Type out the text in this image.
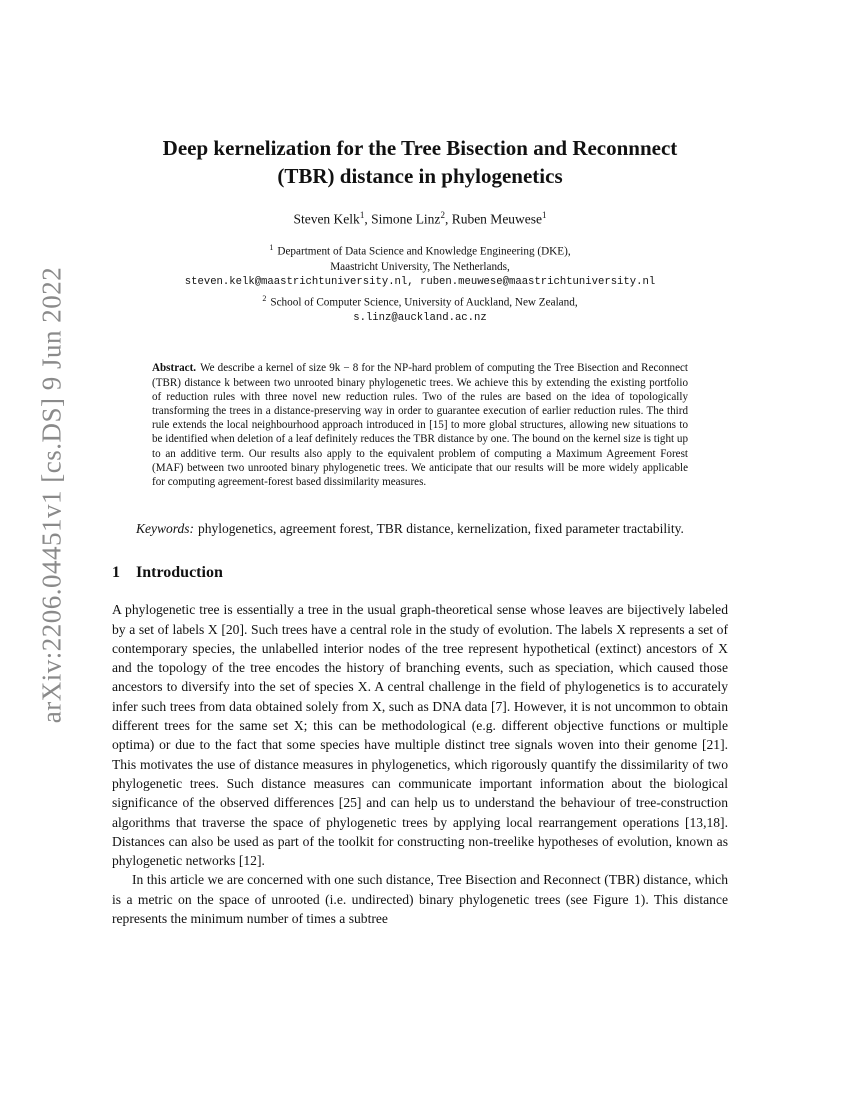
arXiv:2206.04451v1 [cs.DS] 9 Jun 2022
Deep kernelization for the Tree Bisection and Reconnnect
(TBR) distance in phylogenetics
Steven Kelk$^1$, Simone Linz$^2$, Ruben Meuwese$^1$
$^1$ Department of Data Science and Knowledge Engineering (DKE),
Maastricht University, The Netherlands,
steven.kelk@maastrichtuniversity.nl, ruben.meuwese@maastrichtuniversity.nl
$^2$ School of Computer Science, University of Auckland, New Zealand,
s.linz@auckland.ac.nz
Abstract. We describe a kernel of size 9k − 8 for the NP-hard problem of computing the Tree Bisection and Reconnect (TBR) distance k between two unrooted binary phylogenetic trees. We achieve this by extending the existing portfolio of reduction rules with three novel new reduction rules. Two of the rules are based on the idea of topologically transforming the trees in a distance-preserving way in order to guarantee execution of earlier reduction rules. The third rule extends the local neighbourhood approach introduced in [15] to more global structures, allowing new situations to be identified when deletion of a leaf definitely reduces the TBR distance by one. The bound on the kernel size is tight up to an additive term. Our results also apply to the equivalent problem of computing a Maximum Agreement Forest (MAF) between two unrooted binary phylogenetic trees. We anticipate that our results will be more widely applicable for computing agreement-forest based dissimilarity measures.
Keywords: phylogenetics, agreement forest, TBR distance, kernelization, fixed parameter tractability.
1 Introduction

A phylogenetic tree is essentially a tree in the usual graph-theoretical sense whose leaves are bijectively labeled by a set of labels X [20]. Such trees have a central role in the study of evolution. The labels X represents a set of contemporary species, the unlabelled interior nodes of the tree represent hypothetical (extinct) ancestors of X and the topology of the tree encodes the history of branching events, such as speciation, which caused those ancestors to diversify into the set of species X. A central challenge in the field of phylogenetics is to accurately infer such trees from data obtained solely from X, such as DNA data [7]. However, it is not uncommon to obtain different trees for the same set X; this can be methodological (e.g. different objective functions or multiple optima) or due to the fact that some species have multiple distinct tree signals woven into their genome [21]. This motivates the use of distance measures in phylogenetics, which rigorously quantify the dissimilarity of two phylogenetic trees. Such distance measures can communicate important information about the biological significance of the observed differences [25] and can help us to understand the behaviour of tree-construction algorithms that traverse the space of phylogenetic trees by applying local rearrangement operations [13,18]. Distances can also be used as part of the toolkit for constructing non-treelike hypotheses of evolution, known as phylogenetic networks [12].

In this article we are concerned with one such distance, Tree Bisection and Reconnect (TBR) distance, which is a metric on the space of unrooted (i.e. undirected) binary phylogenetic trees (see Figure 1). This distance represents the minimum number of times a subtree
